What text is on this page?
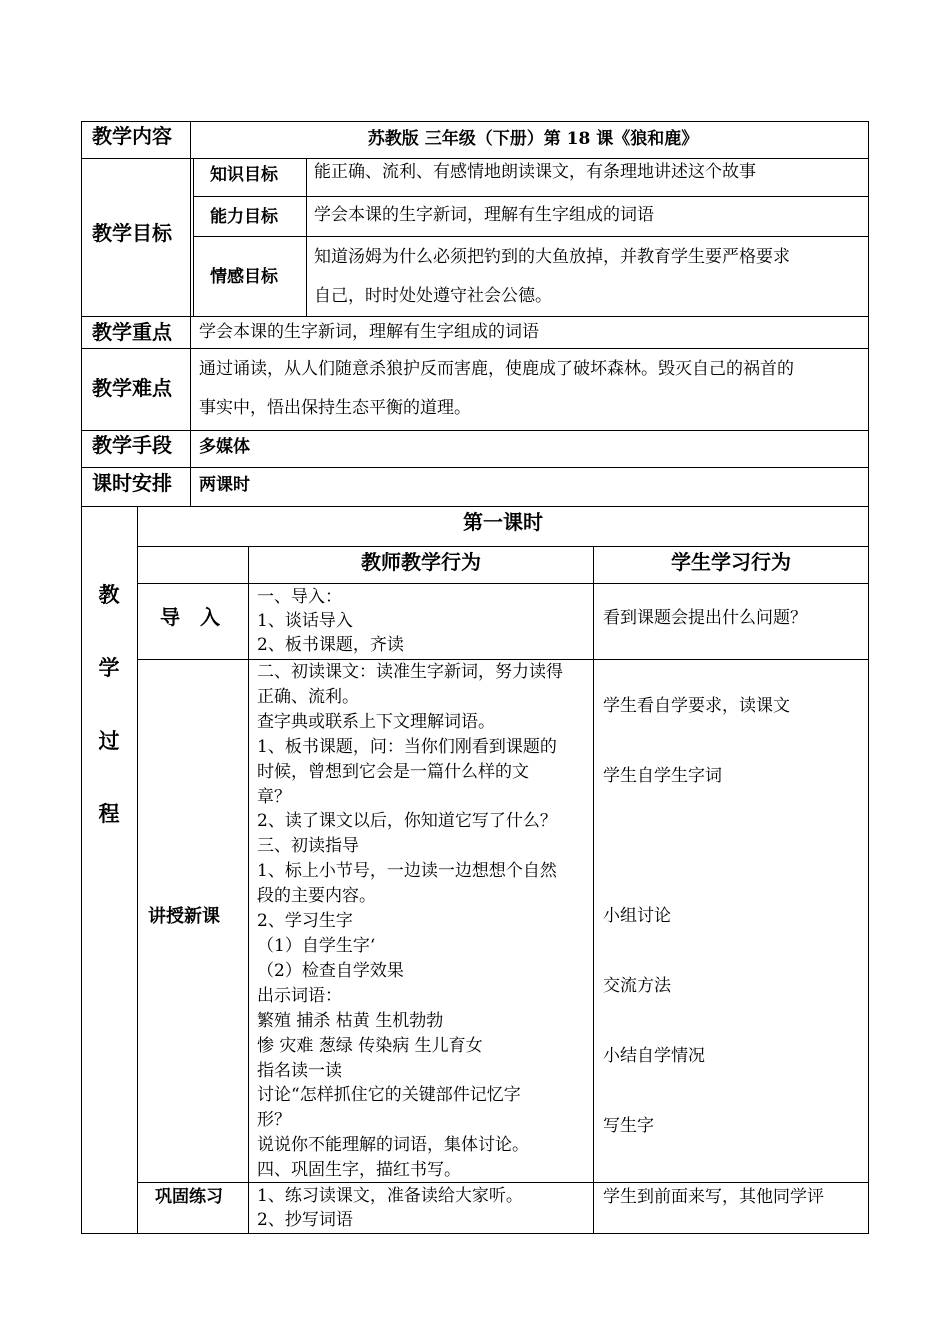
教学内容	苏教版 三年级（下册）第 18 课《狼和鹿》
教学目标
知识目标 能正确、流利、有感情地朗读课文，有条理地讲述这个故事
能力目标 学会本课的生字新词，理解有生字组成的词语
情感目标
知道汤姆为什么必须把钓到的大鱼放掉，并教育学生要严格要求
自己，时时处处遵守社会公德。
教学重点 学会本课的生字新词，理解有生字组成的词语
教学难点
通过诵读，从人们随意杀狼护反而害鹿，使鹿成了破坏森林。毁灭自己的祸首的
事实中，悟出保持生态平衡的道理。
教学手段 多媒体
课时安排 两课时
教
学
过
程
第一课时
教师教学行为	学生学习行为
导　入
一、导入：
1、谈话导入
2、板书课题，齐读
看到课题会提出什么问题？
讲授新课
二、初读课文：读准生字新词，努力读得
正确、流利。
查字典或联系上下文理解词语。
1、板书课题，问：当你们刚看到课题的
时候，曾想到它会是一篇什么样的文
章？
2、读了课文以后，你知道它写了什么？
三、初读指导
1、标上小节号，一边读一边想想个自然
段的主要内容。
2、学习生字
（1）自学生字‘
（2）检查自学效果
出示词语：
繁殖 捕杀 枯黄 生机勃勃
惨 灾难 葱绿 传染病 生儿育女
指名读一读
讨论“怎样抓住它的关键部件记忆字
形？
说说你不能理解的词语，集体讨论。
四、巩固生字，描红书写。
学生看自学要求，读课文
学生自学生字词
小组讨论
交流方法
小结自学情况
写生字
巩固练习 1、练习读课文，准备读给大家听。
2、抄写词语
学生到前面来写，其他同学评
